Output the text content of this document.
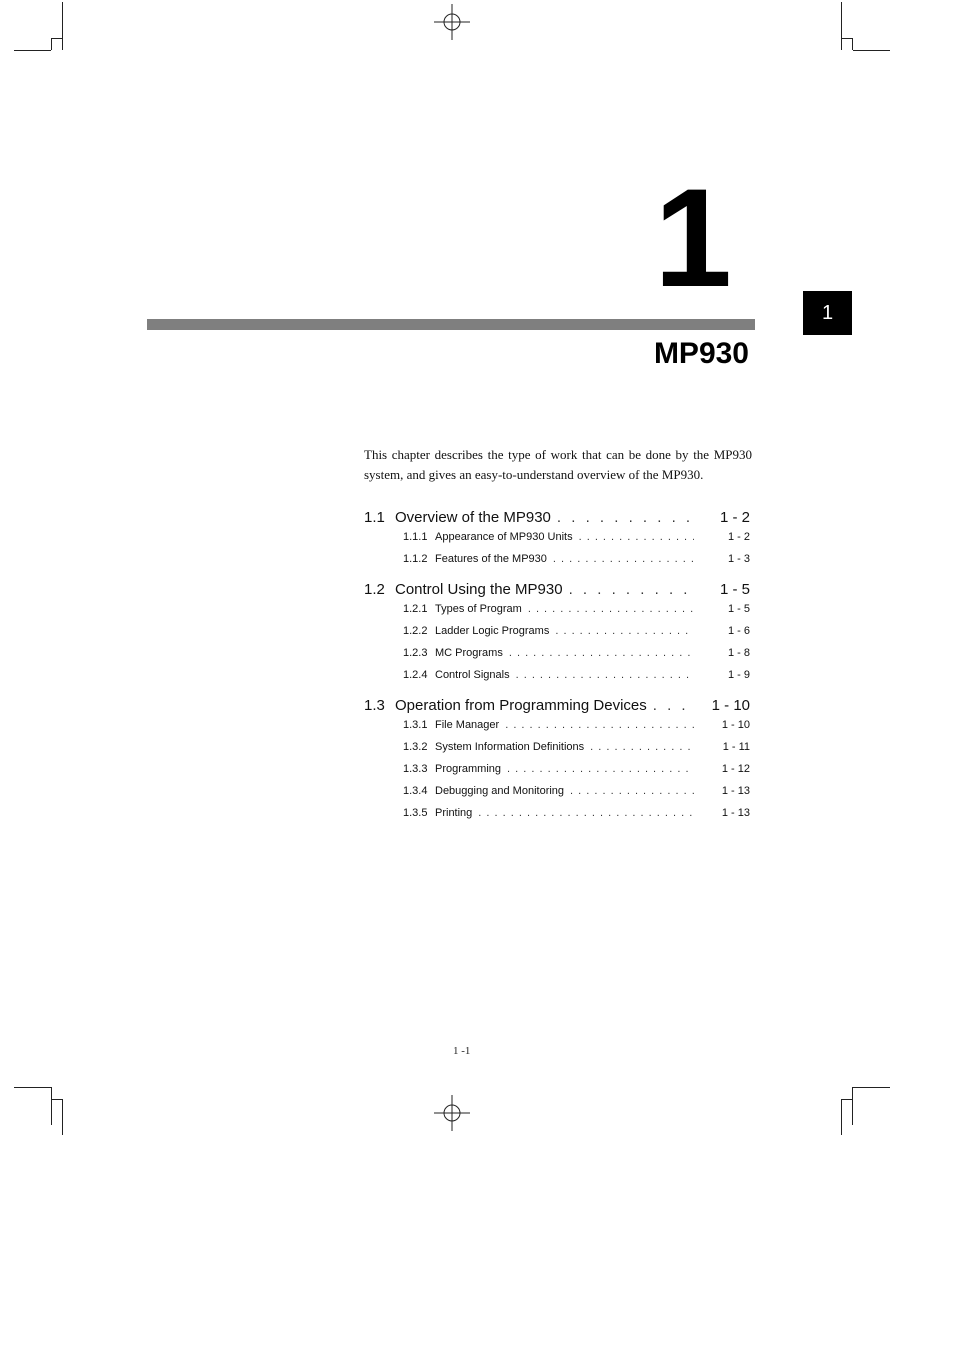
1
MP930
1

This chapter describes the type of work that can be done by the MP930 system, and gives an easy-to-understand overview of the MP930.

1.1 Overview of the MP930 . . .	1 - 2
1.1.1 Appearance of MP930 Units . . .	1 - 2
1.1.2 Features of the MP930 . . .	1 - 3
1.2 Control Using the MP930 . . .	1 - 5
1.2.1 Types of Program . . .	1 - 5
1.2.2 Ladder Logic Programs . . .	1 - 6
1.2.3 MC Programs . . .	1 - 8
1.2.4 Control Signals . . .	1 - 9
1.3 Operation from Programming Devices . . .	1 - 10
1.3.1 File Manager . . .	1 - 10
1.3.2 System Information Definitions . . .	1 - 11
1.3.3 Programming . . .	1 - 12
1.3.4 Debugging and Monitoring . . .	1 - 13
1.3.5 Printing . . .	1 - 13
1 -1
